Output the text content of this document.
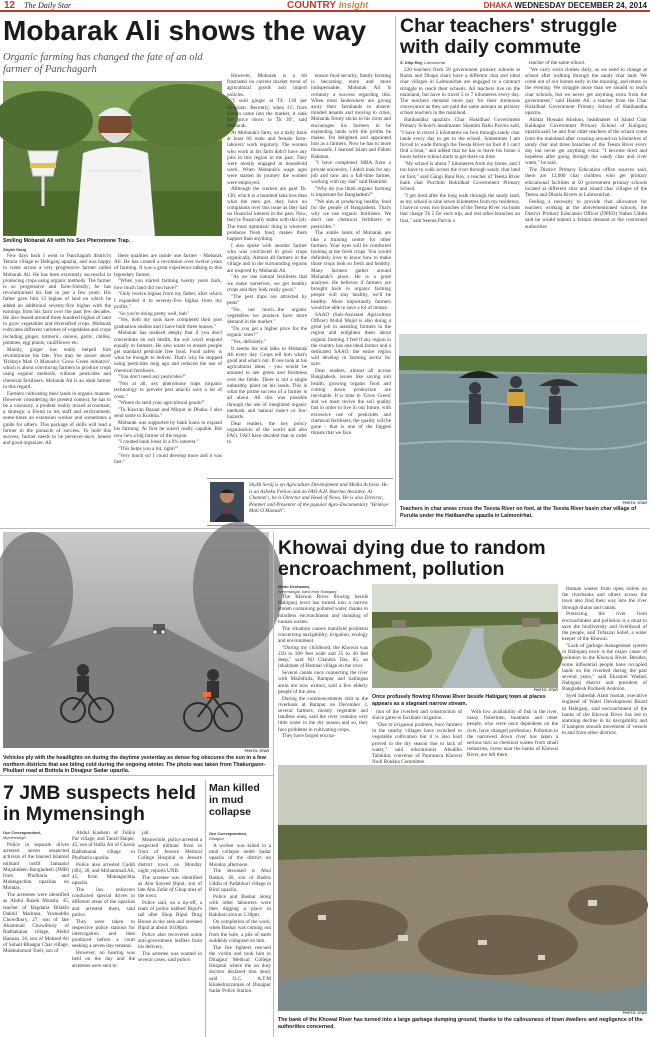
12 The Daily Star	COUNTRY Insight	DHAKA WEDNESDAY DECEMBER 24, 2014
Mobarak Ali shows the way
Organic farming has changed the fate of an old farmer of Panchagarh
Smiling Mobarak Ali with his Sex Pheromone Trap.
Shykh Seraj

Few days back I went to Panchagarh district's Tetulia village to Debiganj upazila, and was happy to come across a very progressive farmer called Mobarak Ali. He has been extremely successful in producing crops using organic methods. The farmer is so progressive and farm-friendly; he has revolutionised his fate in just a few years. His father gave him 12 bighas of land on which he added an additional seventy-five bighas with the earnings from his farm over the past few decades. He also leased around three hundred bighas of land to grow vegetables and diversified crops. Mobarak cultivates different varieties of vegetables and crops including ginger, turmeric, onions, garlic, chilies, potatoes, egg plants, cauliflower etc.

Mainly, ginger has really helped him revolutionise his fate. You may be aware about 'Hridoye Mati O Manush's 'Grow Green initiative', which is about convincing farmers to produce crops using organic methods, without pesticides and chemical fertilisers. Mobarak Ali is an ideal farmer in this regard.

Farmers cultivating their lands in organic manner. However considering the present context, he has to be a visionary, a prudent reality mixed accountant, a strategic a friend to his staff and environment, some-times an extension worker and sometimes a guide for others. This package of skills will lead a farmer in the pinnacle of success. To hold this success, farmer needs to be persever-ance, honest and good organizer. All

these qualities are inside one farmer - Mobarak Ali. He has created a revolution over twelve years of farming. It was a great experience talking to this legendary farmer.

"When you started farming twenty years back, how much land did you have?"

"Only twelve bighas from my father, after which I expanded it to seventy-five bighas from my profits."

"So you're doing pretty well, huh"

"Yes, both my sons have completed their post graduation studies and I have built three houses."

Mobarak has realised deeply that if you don't concentrate on soil health, the soil won't respond equally to farmers. He also wants to ensure people get standard pesticide free food. Food safety is what he thought to deliver. That's why he stopped using pesticides long ago and reduced the use of chemical fertilisers.

"You don't need any pesticides?"

"Not at all, sex pheromone traps (organic technology to prevent pest attack) save a lot of costs."

"Where do send your agricultural goods?"

"To Kawran Bazaar and Mirpur in Dhaka. I also send some to Kushtia."

Mobarak was supported by bank loans to expand his farming. At first he wasn't really capable. But now he's a big farmer of the region.

"I created bank loner in a 6% interest."

"This helps you a lot, right?"

"Very much so! I could develop more and it was fast."

However, Mobarak is a bit frustrated on current market trend of agricultural goods and import policies.

"I sold ginger at Tk. 130 per kilogram. Recently, when I.C from Kerala came into the market, it sank the price down to Tk 30", said Mobarak.

At Mobarak's farm, on a daily basis at least 60 male and female farm-laborers' work regularly. The women who work at his farm didn't have any jobs in this region in the past. They were mostly engaged in household work. When Mobarak's wage ages were started its journey the women were employed.

Although the women are paid Tk. 130, which is a hundred taka less than what the men get, they have no complaints over this issue as they had no financial interest in the past. Now, they're financially stable with this job. The most optimistic thing is whoever produces fresh food, makes them happier than anything.

I also spoke with another farmer who was convinced to grow crops organically. Almost all farmers in the village and in the surrounding regions are inspired by Mobarak Ali.

"As we use natural fertilisers that we make ourselves, we get healthy crops and they look really good."

"The pest traps are attracted by pests"

"No, not much...the organic vegetables we produce have more demand in the market."

"Do you get a higher price for the organic ones?"

"Yes, definitely."

It seems the soil talks to Mobarak Ali every day. Crops tell him what's good and what's not. If one look at his agricultural ideas - you would be amazed to see green and freshness over the fields. There is not a single unhealthy plant on his lands. This is what the prime success of a farmer is all about. All this was possible through the use of integrated organic methods and natural insect or bio-hazards.

Dear readers, the key policy organisation of the world and also FAO, FAO have decided that in order to

ensure food security, family farming is becoming more and more indispensable. Mobarak Ali is certainly a success regarding this. When most landowners are giving away their farmlands to absent-minded tenants and moving to cities, Mobarak firmly sticks to his roots and encourages his farmers to be expanding lands with the profits he makes. I'm delighted and appointed him as a farmers. Now he has to more thousands. I learned Islam and Fahmi Rahman.

"I have completed MBA from a private university. I didn't look for any job and now am a full-time farmer, working with my dad" said Hamidul.

"Why do you think organic farming is important for Bangladesh?"

"We aim at producing healthy food for the people of Bangladesh. That's why we use organic fertilisers. We don't use chemical fertilisers or pesticides."

The arable lands of Mobarak are like a training centre for other farmers. Your eyes will be comforted looking at the fresh crops. You would definitely love to know how to make those crops look so fresh and healthy. Many farmers gather around Mobarak's place. He is a great analyser. He believes if farmers are brought back to organic farming people will stay healthy, we'll be healthy. More importantly farmers would be able to save a lot of money.

SAAO (Sub-Assistant Agriculture Officer) Abdul Majid is also doing a great job in assisting farmers in the region and enlighten them about organic farming. I feel if any region in the country has one ideal farmer and a dedicated SAAO, the entire region will develop in farming sector for sure.

Dear readers, almost all across Bangladesh, issues like saving soil health, growing organic food and cutting down production are inevitable. It is time to 'Grow Green' and we must revive the soil quality fast in order to live in our future, with excessive use of pesticides and chemical fertilisers, the quality will be gone - that is one of the biggest threats that we face.

Shykh Seraj is an Agriculture Development and Media Activist. He is an Ashoka Fellow and an FAO A.H. Boerma Awardee. At Channel i, he is Director and Head of News. He is also Director, Planner and Presenter of the popular Agro-Documentary "Hridoye Mati O Manush".
Char teachers' struggle with daily commute
S. Dilip Roy, Lalmonirhat

220 teachers from 50 government primary schools at Ruma and Dhapa chars have a different chat and ideal char villages in Lalmonirhat are engaged to a contract struggle to reach their schools. All teachers live on the mainland, but have to travel 5 to 7 kilometres every day. The teachers demand more pay for their strenuous conveyance as they are paid the same amount as primary school teachers in the mainland.

Hatibandha upazila's Char Hokidhad Government Primary School's headmaster Shamim Rahu Parvez said, "I have to travel 5 kilometres on foot through sandy char lands every day to get to the school. Sometimes I am forced to wade through the Teesta River on foot if I can't find a boat," and added that he has to leave his home 3 hours before school starts to get there on time.

"My school is about 7 kilometres from my home, and I too have to walk across the river through sandy char land on foot," said Gangi Rani Roy, a teacher of Teesta River bank char Purchim Hokidhad Government Primary School.

"I get tired after the long walk through the sandy land, as my school is nine seven kilometres from my residence. I have to cross two branches of the Teesta River via boats that charge Tk 5 for each trip, and rest other branches on foot," said Seema Parvin a

teacher of the same school.

"We carry extra clothes daily, as we need to change at school after walking through the sandy char land. We come out of our homes early in the morning, and return in the evening. We struggle more than we should to reach char schools, but we never get anything extra from the government," said Haider Ali, a teacher from the Char Hokidhad Government Primary School of Hatibandha upazila.

Akhtar Hossain Khokon, headmaster of Island Char Kalikapur Government Primary School of Kaligonj upazila said, he and four other teachers of the school come from the mainland after crossing around six kilometres of sandy char and three branches of the Teesta River every day but never get anything extra. "I become tired and hopeless after going through the sandy char and river water," he said.

The District Primary Education office sources said, there are 12,000 char children who get primary educational facilities at 50 government primary schools located at different char and island char villages of the Teesta and Dharla Rivers in Lalmonirhat.

Feeling a necessity to provide char allowance for teachers working at the abovementioned schools, the District Primary Education Officer (DPEO) Nabez Uddin said he would submit a formal demand to the concerned authorities

PHOTO: STAR
Teachers in char areas cross the Teesta River on foot, at the Teesta River basin char village of Purulia under the Hatibandha upazila in Lalmonirhat.
PHOTO: STAR
Vehicles ply with the headlights on during the daytime yesterday as dense fog obscures the sun in a few northern districts that see biting cold during the ongoing winter. The photo was taken from Thakurgaon-Phulbari road at Bottola in Dinajpur Sadar upazila.
Khowai dying due to random encroachment, pollution
Minto Deshwara,
Sreemangal, back from Habiganj

The Khowai River flowing beside Habiganj town has turned into a narrow stream containing polluted water, thanks to mindless encroachment and dumping of human wastes.

The situation causes manifold problems concerning navigability, irrigation, ecology and environment.

"During my childhood, the Khowai was 250 to 300 feet wide and 25 to 40 feet deep," said Nil Chandra Das, 85, an inhabitant of Bamnai village on the river.

Several canals once connecting the river with Maiinfulla, Bampur and Saltingan areas are now extinct, said a few elderly people of the area.

During the commencements visit to the riverbank at Bampur on December 3, several farmers, mostly vegetable and landless ones, said the river contains very little water in the dry season and so, they face problems in cultivating crops.

They have forged encroa-

PHOTO: STAR
Once profusely flowing Khowai River beside Habiganj town at places appears as a stagnant narrow stream.

tion of the riverbed and construction of sluice gates to facilitate irrigation.

"Due to irrigation problem, boro farmers in the nearby villages have switched to vegetable cultivation but it is also hard proved to the dry season due to lack of water," said educationist Abuddin Talukdar, convenor of Paurasava Khowai Nodi Bokkha Committee.

With low availability of fish in the river, many fishermen, boatmen and other people, who were once dependent on the river, have changed profession. Pollution in the narrowed down river has taken a serious turn as chemical wastes from small industries, ovens near the banks of Khowai River, are left there.

Human wastes from open toilets on the riverbanks and others across the town also find their way into the river through drains and canals.

Protecting the river from encroachment and pollution is a must to save the biodiversity and livelihood of the people, said Tofazzal Sohel, a water keeper of the Khowai.

"Lack of garbage management system in Habiganj town is the major cause of pollution in the Khowai River. Besides, some influential people have occupied lands on the riverbed during the past several years," said Ekramul Wadud, Habiganj district unit president of Bangladesh Paribesh Andolon.

Syed Saheduk Alam Suman, executive engineer of Water Development Board in Habiganj, said encroachment of the banks of the Khowai River has led to alarming decline in its navigability and if hampers smooth movement of vessels to and from other districts.

PHOTO: STAR
The bank of the Khowai River has turned into a large garbage dumping ground, thanks to the callousness of town dwellers and negligence of the authorities concerned.
7 JMB suspects held in Mymensingh
Our Correspondent,
Mymensingh

Police in separate drives arrested seven suspected activists of the banned Islamist militant outfit Jamaatul Mujahideen Bangladesh (JMB) from Phulbaria and Muktagachha upazilas on Monday.

The arrestees were identified as Abdul Razek Munshi, 45, teacher of Bagdaria Bilakhi Dakhil Madrasa, Yusnuddin Chowdhury, 27, son of late Ahammad Chowdhury of Radhakanai village, Abdul Hannan, 26, son of Moksed Ali of Sohail Bhaagar Char village, Mokbulnmod Toeli, son of

Abdul Kashem of Tulkia Par village, and Tanzil Haque, 45, son of Hafiz Ali of Chawk Radhakanai village in Phulbaria upazila.

Police also arrested Cuddi (Jlb), 30, and Mohammad Ali, 45, from Muktagachha upazila.

The law enforcers conducted special drives in different areas of the upazilas and arrested them, said police.

They were taken to respective police stations for interrogation and then produced before a court seeking a seven-day remand.

However, no hearing was held on the day and the arrestees were sent to

jail.

Meanwhile, police arrested a suspected militant from in front of Jessore Medical College Hospital in Jessore district town on Monday night, reports UNB.

The arrestee was identified as Abu Sayeed Bipul, son of late Abu Zafar of Ghop area of the town.

Police said, on a tip-off, a team of police nabbed Bipul's tail after Shop Bipul Drug House in the area and arrested Bipul at about 10.00pm.

Police also recovered some anti-government leaflets from his delivery.

The arrestee was wanted in several cases, said police.

Man killed in mud collapse
Our Correspondent,
Dinajpur

A worker was killed in a mud collapse under Sadar upazila of the district on Monday afternoon.

The deceased is Abul Bashar, 40, son of Badriz Uddin of Padabhari village in Birol upazila.

Police and Bashar along with other labourers were then digging a place in Balubari area at 3.30pm.

On completion of the work, when Bashar was coming out from the hole, a pile of earth suddenly collapsed on him.

The fire fighters rescued the victim and took him to Dinajpur Medical College Hospital where the on duty doctors declared him dead, said O.C. A.T.M Khaledruzzaman of Dinajpur Sadar Police Station.
